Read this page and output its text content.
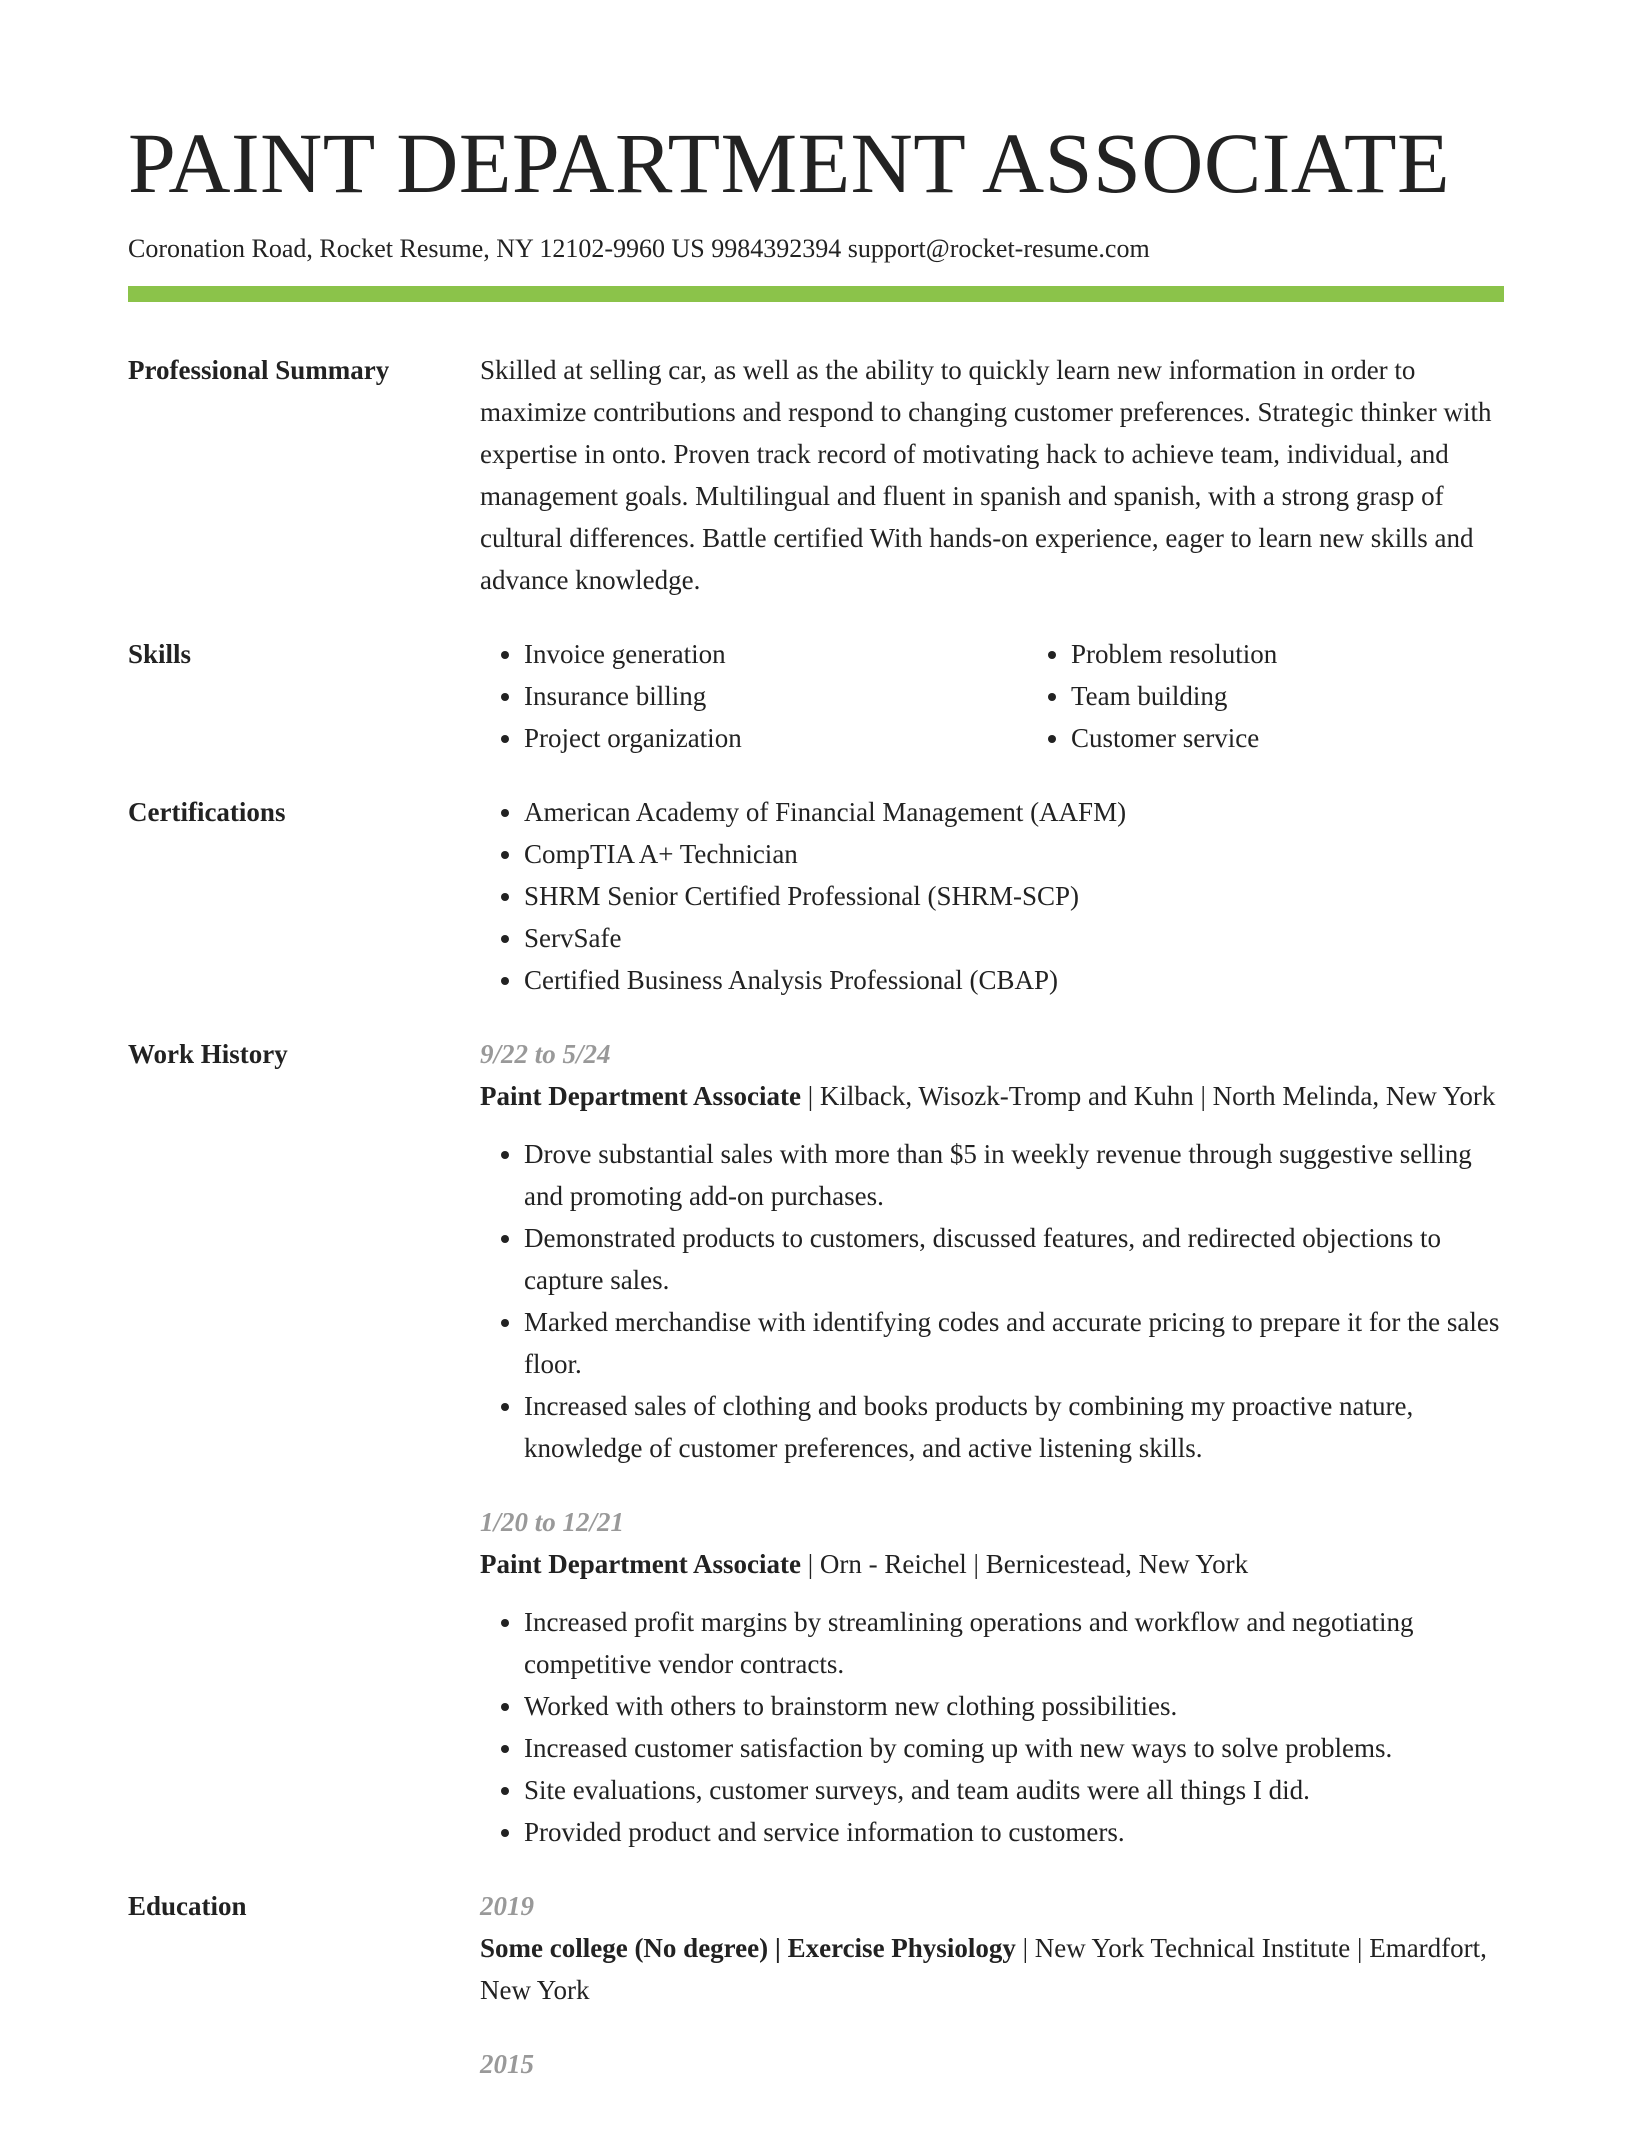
PAINT DEPARTMENT ASSOCIATE
Coronation Road, Rocket Resume, NY 12102-9960 US 9984392394 support@rocket-resume.com
Professional Summary	Skilled at selling car, as well as the ability to quickly learn new information in order to maximize contributions and respond to changing customer preferences. Strategic thinker with expertise in onto. Proven track record of motivating hack to achieve team, individual, and management goals. Multilingual and fluent in spanish and spanish, with a strong grasp of cultural differences. Battle certified With hands-on experience, eager to learn new skills and advance knowledge.

Skills	• Invoice generation
• Insurance billing
• Project organization
• Problem resolution
• Team building
• Customer service
Certifications	• American Academy of Financial Management (AAFM)
• CompTIA A+ Technician
• SHRM Senior Certified Professional (SHRM-SCP)
• ServSafe
• Certified Business Analysis Professional (CBAP)
Work History	9/22 to 5/24
Paint Department Associate | Kilback, Wisozk-Tromp and Kuhn | North Melinda, New York
• Drove substantial sales with more than $5 in weekly revenue through suggestive selling and promoting add-on purchases.
• Demonstrated products to customers, discussed features, and redirected objections to capture sales.
• Marked merchandise with identifying codes and accurate pricing to prepare it for the sales floor.
• Increased sales of clothing and books products by combining my proactive nature, knowledge of customer preferences, and active listening skills.
1/20 to 12/21
Paint Department Associate | Orn - Reichel | Bernicestead, New York
• Increased profit margins by streamlining operations and workflow and negotiating competitive vendor contracts.
• Worked with others to brainstorm new clothing possibilities.
• Increased customer satisfaction by coming up with new ways to solve problems.
• Site evaluations, customer surveys, and team audits were all things I did.
• Provided product and service information to customers.
Education	2019
Some college (No degree) | Exercise Physiology | New York Technical Institute | Emardfort, New York
2015
